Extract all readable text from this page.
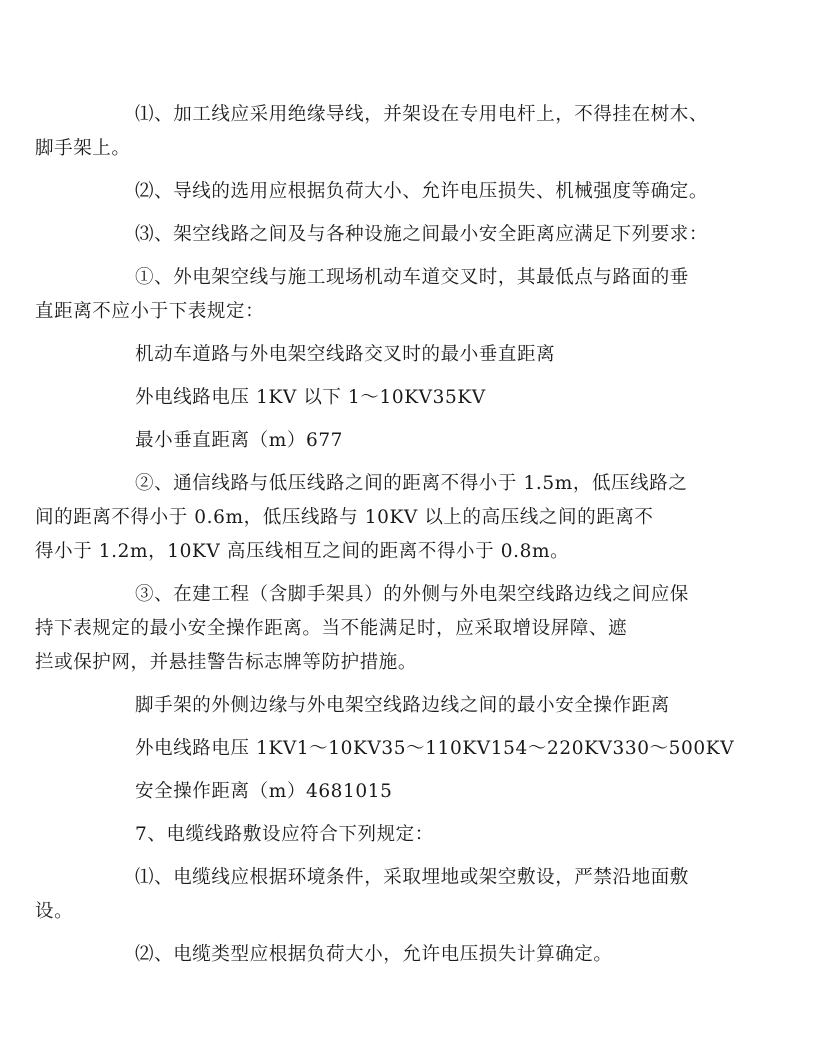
⑴、加工线应采用绝缘导线，并架设在专用电杆上，不得挂在树木、
脚手架上。
⑵、导线的选用应根据负荷大小、允许电压损失、机械强度等确定。
⑶、架空线路之间及与各种设施之间最小安全距离应满足下列要求：
①、外电架空线与施工现场机动车道交叉时，其最低点与路面的垂
直距离不应小于下表规定：
机动车道路与外电架空线路交叉时的最小垂直距离
外电线路电压 1KV 以下 1～10KV35KV
最小垂直距离（m）677
②、通信线路与低压线路之间的距离不得小于 1.5m，低压线路之
间的距离不得小于 0.6m，低压线路与 10KV 以上的高压线之间的距离不
得小于 1.2m，10KV 高压线相互之间的距离不得小于 0.8m。
③、在建工程（含脚手架具）的外侧与外电架空线路边线之间应保
持下表规定的最小安全操作距离。当不能满足时，应采取增设屏障、遮
拦或保护网，并悬挂警告标志牌等防护措施。
脚手架的外侧边缘与外电架空线路边线之间的最小安全操作距离
外电线路电压 1KV1～10KV35～110KV154～220KV330～500KV
安全操作距离（m）4681015
7、电缆线路敷设应符合下列规定：
⑴、电缆线应根据环境条件，采取埋地或架空敷设，严禁沿地面敷
设。
⑵、电缆类型应根据负荷大小，允许电压损失计算确定。
